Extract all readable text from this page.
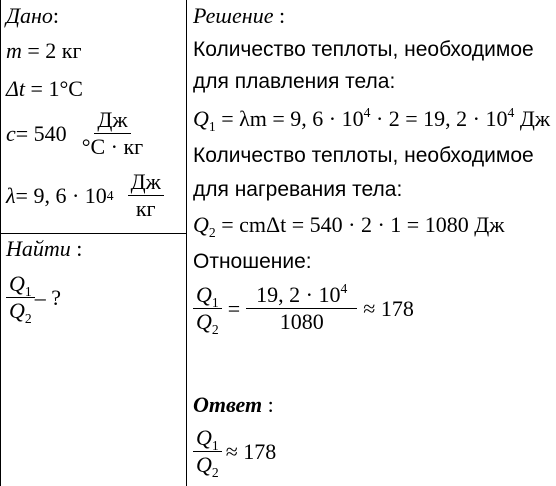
Дано:
m = 2 кг
Δt = 1°C
$c = 540 \frac{Дж}{^\circ C \cdot кг}$
λ = 9, 6 · 10 $4 \frac{Дж}{кг}$
Найти :
$\frac{Q_1}{Q_2}$ – ?
Решение :
Количество теплоты, необходимое
для плавления тела:
$Q_1 = \lambda m = 9$, $6 \cdot 10^4 \cdot 2 = 19$, $2 \cdot 10^4$ Дж
Количество теплоты, необходимое
для нагревания тела:
$Q_2 = cm\Delta t = 540 \cdot 2 \cdot 1 = 1080$ Дж
Отношение:
$\frac{Q_1}{Q_2} = \frac{19, 2 \cdot 10^4}{1080} \approx 178$
Ответ :
$\frac{Q_1}{Q_2} \approx 178$
